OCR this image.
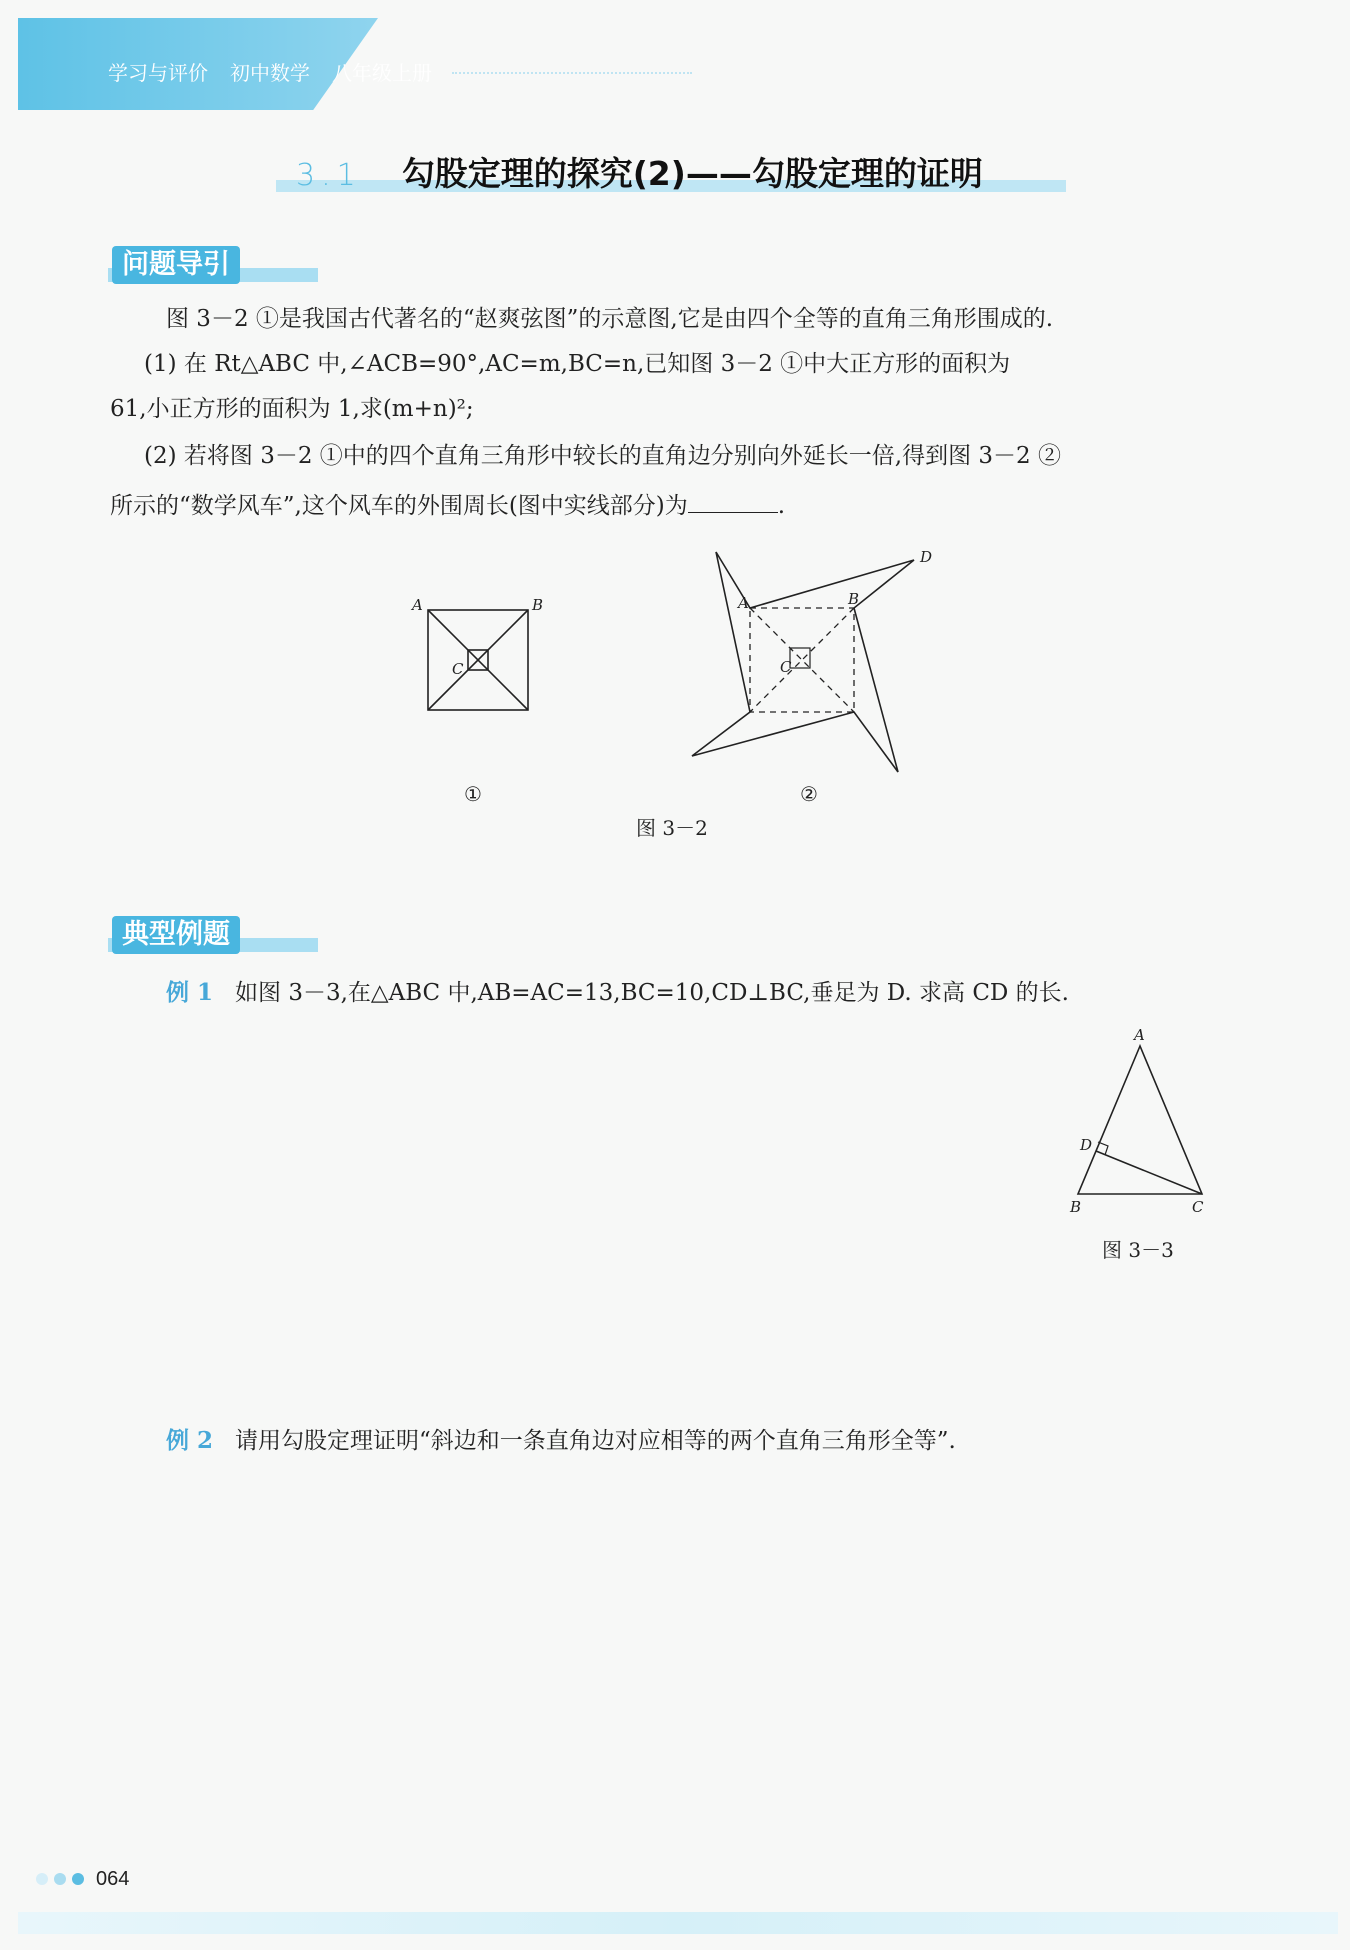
学习与评价 初中数学 八年级上册
3.1 勾股定理的探究(2)——勾股定理的证明
问题导引
图 3－2 ①是我国古代著名的“赵爽弦图”的示意图,它是由四个全等的直角三角形围成的.
(1) 在 Rt△ABC 中,∠ACB=90°,AC=m,BC=n,已知图 3－2 ①中大正方形的面积为
61,小正方形的面积为 1,求(m+n)²;
(2) 若将图 3－2 ①中的四个直角三角形中较长的直角边分别向外延长一倍,得到图 3－2 ②
所示的“数学风车”,这个风车的外围周长(图中实线部分)为	.
A	B
C
A	B
C
D
①	②
图 3－2
典型例题
例 1 如图 3－3,在△ABC 中,AB=AC=13,BC=10,CD⊥BC,垂足为 D. 求高 CD 的长.
A
D
B	C
图 3－3
例 2 请用勾股定理证明“斜边和一条直角边对应相等的两个直角三角形全等”.
064
